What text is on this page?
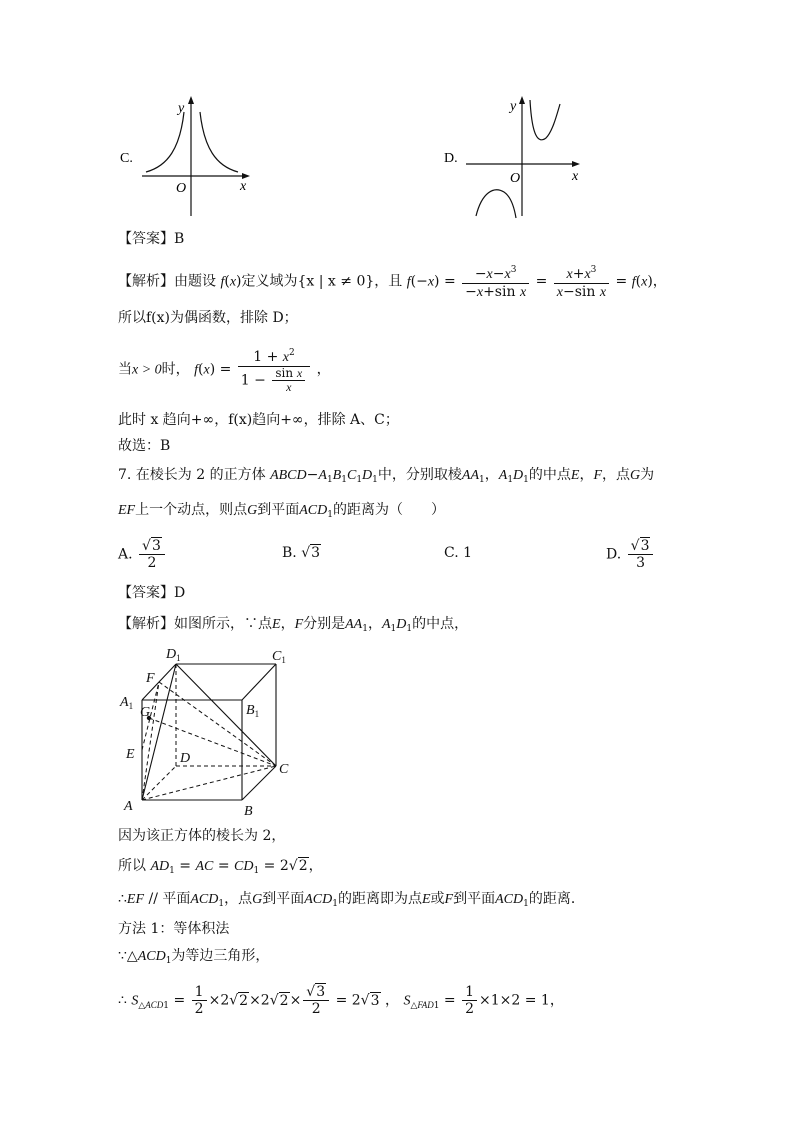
C.
y
x
O
D.
y
x
O
【答案】B
【解析】由题设 f(x)定义域为{x | x ≠ 0}，且 $f(-x) = \frac{-x-x^3}{\text{−x+sin x}} = \frac{x+x^3}{\text{x−sin x}} = f(x)$，
所以f(x)为偶函数，排除 D；
当x > 0时， $f(x) = \frac{1 + x^2}{1 - \frac{\text{sin x}}{x}}$ ，
此时 x 趋向+∞，f(x)趋向+∞，排除 A、C；
故选：B
7. 在棱长为 2 的正方体 $ABCD-A_1B_1C_1D_1$中，分别取棱$AA_1$，$A_1D_1$的中点E，F，点G为
EF上一个动点，则点G到平面$ACD_1$的距离为（　　）
A. $\frac{√3}{2}$	B. √3	C. 1	D. $\frac{√3}{3}$
【答案】D
【解析】如图所示，∵点E，F分别是$AA_1$，$A_1D_1$的中点，
$D_1$	$C_1$
F
$A_1$ G	$B_1$
E	D
C
A	B
因为该正方体的棱长为 2，
所以 $AD_1$ = AC = $CD_1 = 2√2$，
∴EF // 平面$ACD_1$，点G到平面$ACD_1$的距离即为点E或F到平面$ACD_1$的距离．
方法 1：等体积法
$\because\triangle ACD_1$为等边三角形，
∴ $S_{\triangle ACD1} = \frac{1}{2} \times 2√2\times 2√2\times \frac{√3}{2} = 2√3$ ， $S_{\triangle FAD1} = \frac{1}{2} \times 1\times 2 = 1$，
